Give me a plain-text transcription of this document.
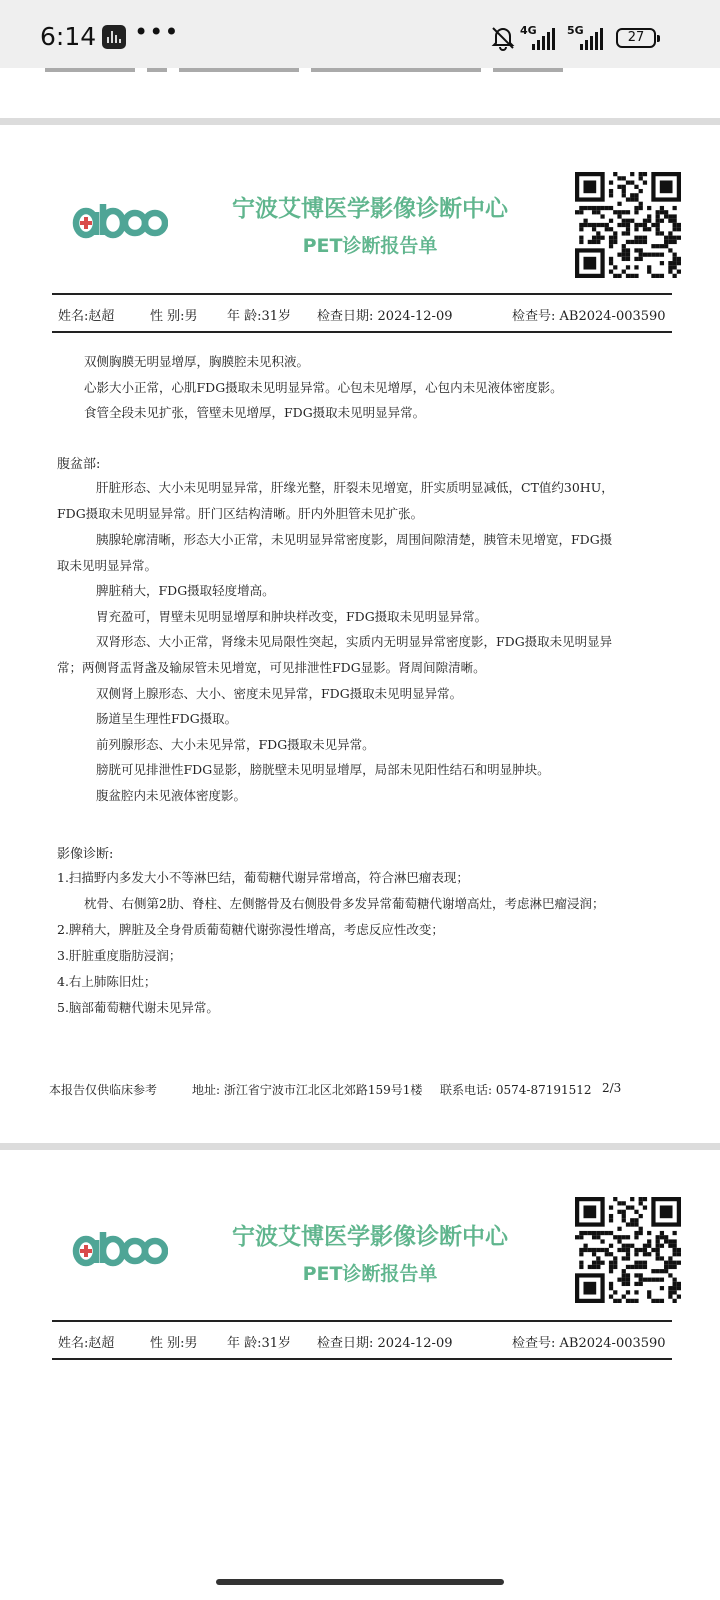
6:14 •••	4G	5G	27
宁波艾博医学影像诊断中心
PET诊断报告单
姓名:赵超	性 别:男 年 龄:31岁 检查日期: 2024-12-09	检查号: AB2024-003590
双侧胸膜无明显增厚，胸膜腔未见积液。
心影大小正常，心肌FDG摄取未见明显异常。心包未见增厚，心包内未见液体密度影。
食管全段未见扩张，管壁未见增厚，FDG摄取未见明显异常。
腹盆部:
肝脏形态、大小未见明显异常，肝缘光整，肝裂未见增宽，肝实质明显减低，CT值约30HU，
FDG摄取未见明显异常。肝门区结构清晰。肝内外胆管未见扩张。
胰腺轮廓清晰，形态大小正常，未见明显异常密度影，周围间隙清楚，胰管未见增宽，FDG摄
取未见明显异常。
脾脏稍大，FDG摄取轻度增高。
胃充盈可，胃壁未见明显增厚和肿块样改变，FDG摄取未见明显异常。
双肾形态、大小正常，肾缘未见局限性突起，实质内无明显异常密度影，FDG摄取未见明显异
常；两侧肾盂肾盏及输尿管未见增宽，可见排泄性FDG显影。肾周间隙清晰。
双侧肾上腺形态、大小、密度未见异常，FDG摄取未见明显异常。
肠道呈生理性FDG摄取。
前列腺形态、大小未见异常，FDG摄取未见异常。
膀胱可见排泄性FDG显影，膀胱壁未见明显增厚，局部未见阳性结石和明显肿块。
腹盆腔内未见液体密度影。
影像诊断:
1.扫描野内多发大小不等淋巴结，葡萄糖代谢异常增高，符合淋巴瘤表现；
枕骨、右侧第2肋、脊柱、左侧髂骨及右侧股骨多发异常葡萄糖代谢增高灶，考虑淋巴瘤浸润；
2.脾稍大，脾脏及全身骨质葡萄糖代谢弥漫性增高，考虑反应性改变；
3.肝脏重度脂肪浸润；
4.右上肺陈旧灶；
5.脑部葡萄糖代谢未见异常。
本报告仅供临床参考	地址: 浙江省宁波市江北区北郊路159号1楼 联系电话: 0574-87191512 2/3
宁波艾博医学影像诊断中心
PET诊断报告单
姓名:赵超	性 别:男 年 龄:31岁 检查日期: 2024-12-09	检查号: AB2024-003590
